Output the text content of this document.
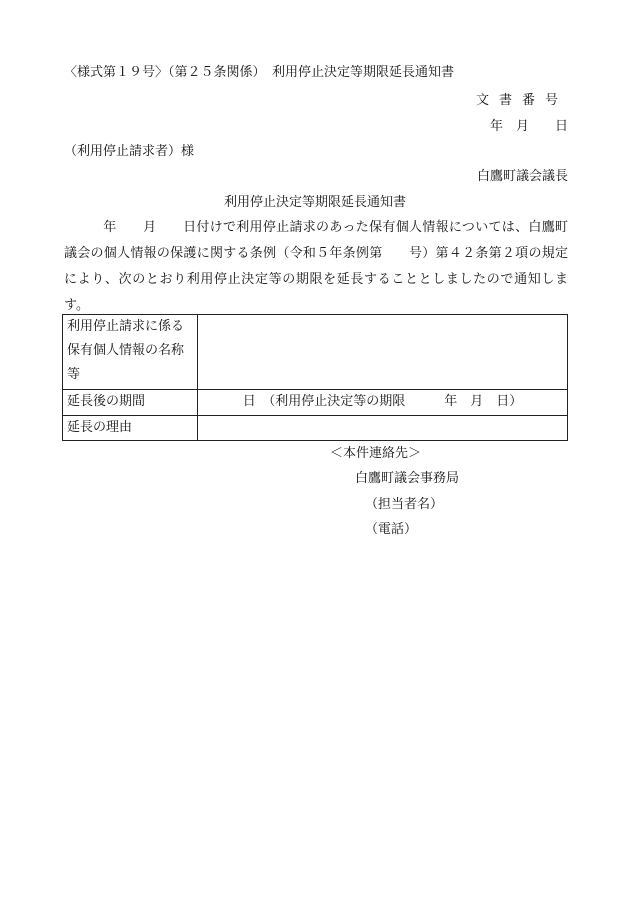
〈様式第１９号〉（第２５条関係）　利用停止決定等期限延長通知書
文書番号
年　月　　日
（利用停止請求者）様
白鷹町議会議長
利用停止決定等期限延長通知書

　年　　月　　日付けで利用停止請求のあった保有個人情報については、白鷹町議会の個人情報の保護に関する条例（令和５年条例第　　号）第４２条第２項の規定により、次のとおり利用停止決定等の期限を延長することとしましたので通知します。

利用停止請求に係る保有個人情報の名称等	
延長後の期間	日　（利用停止決定等の期限　　　年　月　日）
延長の理由	
＜本件連絡先＞
白鷹町議会事務局
（担当者名）
（電話）
